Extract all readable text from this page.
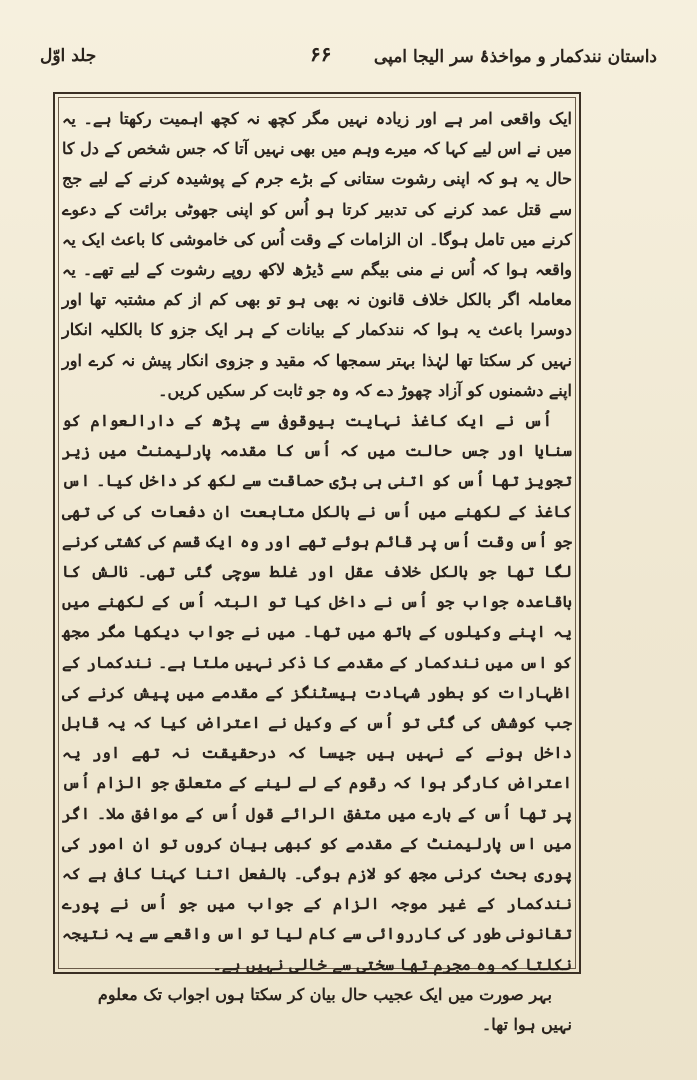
داستان نندکمار و مواخذۂ سر الیجا امپی
۶۶
جلد اوّل

ایک واقعی امر ہے اور زیادہ نہیں مگر کچھ نہ کچھ اہمیت رکھتا ہے۔ یہ میں نے اس لیے کہا کہ میرے وہم میں بھی نہیں آتا کہ جس شخص کے دل کا حال یہ ہو کہ اپنی رشوت ستانی کے بڑے جرم کے پوشیدہ کرنے کے لیے جج سے قتل عمد کرنے کی تدبیر کرتا ہو اُس کو اپنی جھوٹی برائت کے دعوے کرنے میں تامل ہوگا۔ ان الزامات کے وقت اُس کی خاموشی کا باعث ایک یہ واقعہ ہوا کہ اُس نے منی بیگم سے ڈیڑھ لاکھ روپے رشوت کے لیے تھے۔ یہ معاملہ اگر بالکل خلاف قانون نہ بھی ہو تو بھی کم از کم مشتبہ تھا اور دوسرا باعث یہ ہوا کہ نندکمار کے بیانات کے ہر ایک جزو کا بالکلیہ انکار نہیں کر سکتا تھا لہٰذا بہتر سمجھا کہ مقید و جزوی انکار پیش نہ کرے اور اپنے دشمنوں کو آزاد چھوڑ دے کہ وہ جو ثابت کر سکیں کریں۔

اُس نے ایک کاغذ نہایت بیوقوفی سے پڑھ کے دارالعوام کو سنایا اور جس حالت میں کہ اُس کا مقدمہ پارلیمنٹ میں زیر تجویز تھا اُس کو اتنی ہی بڑی حماقت سے لکھ کر داخل کیا۔ اس کاغذ کے لکھنے میں اُس نے بالکل متابعت ان دفعات کی کی تھی جو اُس وقت اُس پر قائم ہوئے تھے اور وہ ایک قسم کی کشتی کرنے لگا تھا جو بالکل خلاف عقل اور غلط سوچی گئی تھی۔ نالش کا باقاعدہ جواب جو اُس نے داخل کیا تو البتہ اُس کے لکھنے میں یہ اپنے وکیلوں کے ہاتھ میں تھا۔ میں نے جواب دیکھا مگر مجھ کو اس میں نندکمار کے مقدمے کا ذکر نہیں ملتا ہے۔ نندکمار کے اظہارات کو بطور شہادت ہیسٹنگز کے مقدمے میں پیش کرنے کی جب کوشش کی گئی تو اُس کے وکیل نے اعتراض کیا کہ یہ قابل داخل ہونے کے نہیں ہیں جیسا کہ درحقیقت نہ تھے اور یہ اعتراض کارگر ہوا کہ رقوم کے لے لینے کے متعلق جو الزام اُس پر تھا اُس کے بارے میں متفق الرائے قول اُس کے موافق ملا۔ اگر میں اس پارلیمنٹ کے مقدمے کو کبھی بیان کروں تو ان امور کی پوری بحث کرنی مجھ کو لازم ہوگی۔ بالفعل اتنا کہنا کافی ہے کہ نندکمار کے غیر موجہ الزام کے جواب میں جو اُس نے پورے تقانونی طور کی کارروائی سے کام لیا تو اس واقعے سے یہ نتیجہ نکلتا کہ وہ مجرم تھا سختی سے خالی نہیں ہے۔

بہر صورت میں ایک عجیب حال بیان کر سکتا ہوں اجواب تک معلوم نہیں ہوا تھا۔
